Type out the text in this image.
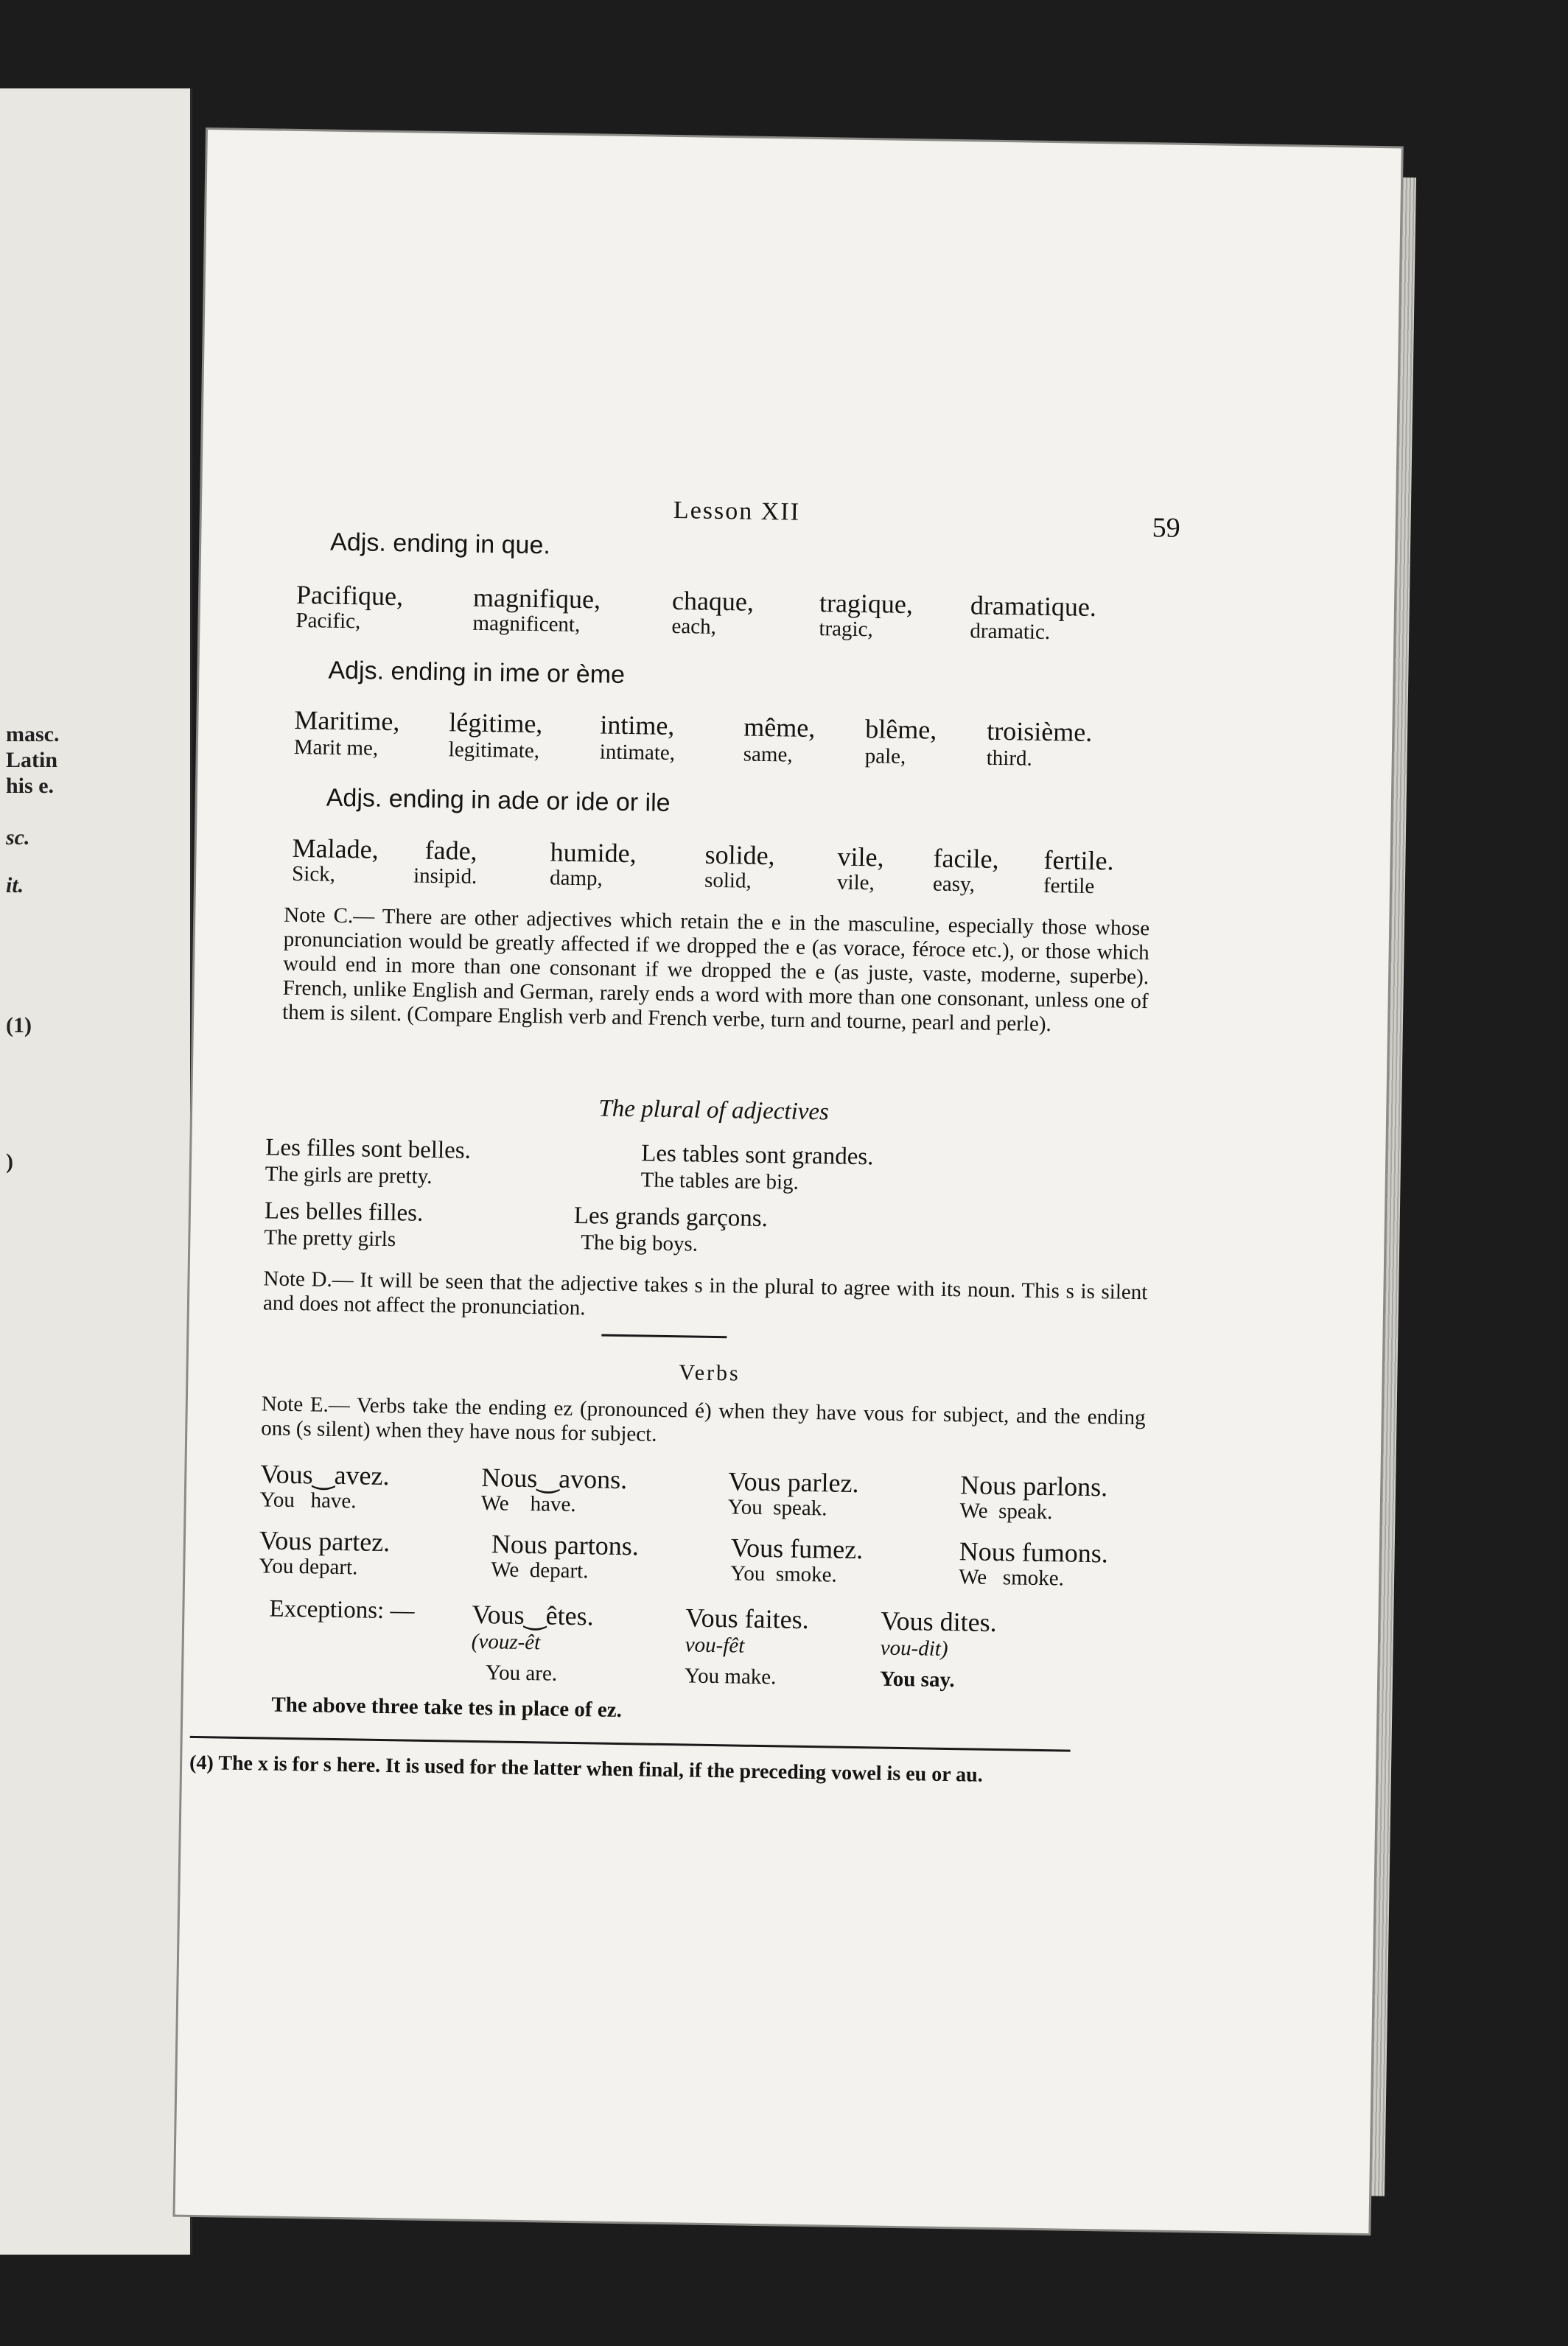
masc.
Latin
his e.
sc.
it.
(1)
)
Lesson XII
59
Adjs. ending in que.
Pacifique,
Pacific,
magnifique,
magnificent,
chaque,
each,
tragique,
tragic,
dramatique.
dramatic.
Adjs. ending in ime or ème
Maritime,
Marit me,
légitime,
legitimate,
intime,
intimate,
même,
same,
blême,
pale,
troisième.
third.
Adjs. ending in ade or ide or ile
Malade,
Sick,
fade,
insipid.
humide,
damp,
solide,
solid,
vile,
vile,
facile,
easy,
fertile.
fertile
Note C.— There are other adjectives which retain the e in the masculine, especially those whose pronunciation would be greatly affected if we dropped the e (as vorace, féroce etc.), or those which would end in more than one consonant if we dropped the e (as juste, vaste, moderne, superbe). French, unlike English and German, rarely ends a word with more than one consonant, unless one of them is silent. (Compare English verb and French verbe, turn and tourne, pearl and perle).
The plural of adjectives
Les filles sont belles.
The girls are pretty.
Les tables sont grandes.
The tables are big.
Les belles filles.
The pretty girls
Les grands garçons.
The big boys.
Note D.— It will be seen that the adjective takes s in the plural to agree with its noun. This s is silent and does not affect the pronunciation.
Verbs
Note E.— Verbs take the ending ez (pronounced é) when they have vous for subject, and the ending ons (s silent) when they have nous for subject.
Vous‿avez.
You   have.
Nous‿avons.
We    have.
Vous parlez.
You  speak.
Nous parlons.
We  speak.
Vous partez.
You depart.
Nous partons.
We  depart.
Vous fumez.
You  smoke.
Nous fumons.
We   smoke.
Exceptions: — Vous‿êtes.
(vouz-êt
You are.
Vous faites.
vou-fêt
You make.
Vous dites.
vou-dit)
You say.
The above three take tes in place of ez.
(4) The x is for s here. It is used for the latter when final, if the preceding vowel is eu or au.
